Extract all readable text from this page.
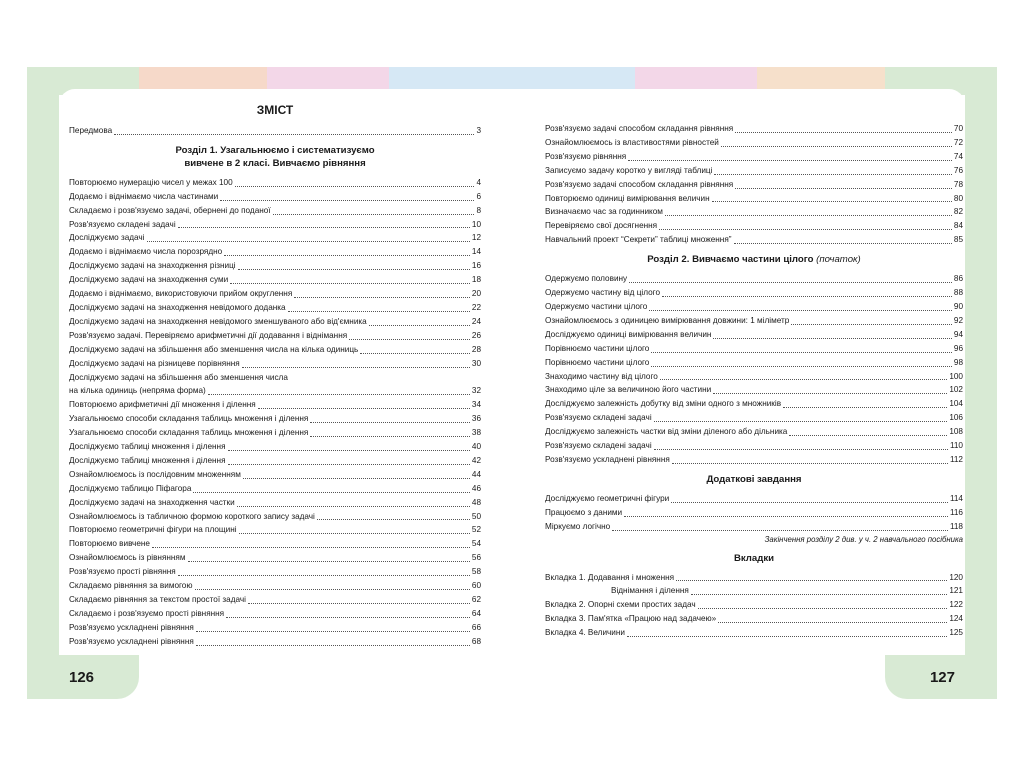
126	127
ЗМІСТ
Передмова	3
Розділ 1. Узагальнюємо і систематизуємо
вивчене в 2 класі. Вивчаємо рівняння
Повторюємо нумерацію чисел у межах 100	4
Додаємо і віднімаємо числа частинами	6
Складаємо і розв'язуємо задачі, обернені до поданої	8
Розв'язуємо складені задачі	10
Досліджуємо задачі	12
Додаємо і віднімаємо числа порозрядно	14
Досліджуємо задачі на знаходження різниці	16
Досліджуємо задачі на знаходження суми	18
Додаємо і віднімаємо, використовуючи прийом округлення	20
Досліджуємо задачі на знаходження невідомого доданка	22
Досліджуємо задачі на знаходження невідомого зменшуваного або від'ємника	24
Розв'язуємо задачі. Перевіряємо арифметичні дії додавання і віднімання	26
Досліджуємо задачі на збільшення або зменшення числа на кілька одиниць	28
Досліджуємо задачі на різницеве порівняння	30
Досліджуємо задачі на збільшення або зменшення числа
на кілька одиниць (непряма форма)	32
Повторюємо арифметичні дії множення і ділення	34
Узагальнюємо способи складання таблиць множення і ділення	36
Узагальнюємо способи складання таблиць множення і ділення	38
Досліджуємо таблиці множення і ділення	40
Досліджуємо таблиці множення і ділення	42
Ознайомлюємось із послідовним множенням	44
Досліджуємо таблицю Піфагора	46
Досліджуємо задачі на знаходження частки	48
Ознайомлюємось із табличною формою короткого запису задачі	50
Повторюємо геометричні фігури на площині	52
Повторюємо вивчене	54
Ознайомлюємось із рівнянням	56
Розв'язуємо прості рівняння	58
Складаємо рівняння за вимогою	60
Складаємо рівняння за текстом простої задачі	62
Складаємо і розв'язуємо прості рівняння	64
Розв'язуємо ускладнені рівняння	66
Розв'язуємо ускладнені рівняння	68
Розв'язуємо задачі способом складання рівняння	70
Ознайомлюємось із властивостями рівностей	72
Розв'язуємо рівняння	74
Записуємо задачу коротко у вигляді таблиці	76
Розв'язуємо задачі способом складання рівняння	78
Повторюємо одиниці вимірювання величин	80
Визначаємо час за годинником	82
Перевіряємо свої досягнення	84
Навчальний проект “Секрети” таблиці множення”	85
Розділ 2. Вивчаємо частини цілого (початок)
Одержуємо половину	86
Одержуємо частину від цілого	88
Одержуємо частини цілого	90
Ознайомлюємось з одиницею вимірювання довжини: 1 міліметр	92
Досліджуємо одиниці вимірювання величин	94
Порівнюємо частини цілого	96
Порівнюємо частини цілого	98
Знаходимо частину від цілого	100
Знаходимо ціле за величиною його частини	102
Досліджуємо залежність добутку від зміни одного з множників	104
Розв'язуємо складені задачі	106
Досліджуємо залежність частки від зміни діленого або дільника	108
Розв'язуємо складені задачі	110
Розв'язуємо ускладнені рівняння	112
Додаткові завдання
Досліджуємо геометричні фігури	114
Працюємо з даними	116
Міркуємо логічно	118
Закінчення розділу 2 див. у ч. 2 навчального посібника
Вкладки
Вкладка 1. Додавання і множення	120
Віднімання і ділення	121
Вкладка 2. Опорні схеми простих задач	122
Вкладка 3. Пам'ятка «Працюю над задачею»	124
Вкладка 4. Величини	125
